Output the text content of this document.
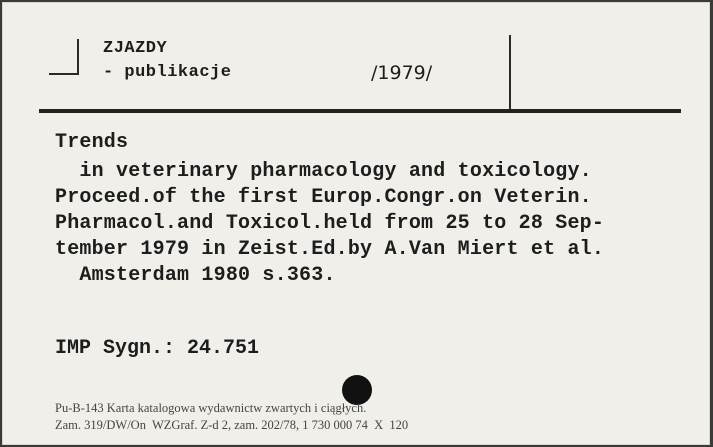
ZJAZDY
- publikacje	/1979/
Trends
in veterinary pharmacology and toxicology.
Proceed.of the first Europ.Congr.on Veterin.
Pharmacol.and Toxicol.held from 25 to 28 Sep-
tember 1979 in Zeist.Ed.by A.Van Miert et al.
Amsterdam 1980 s.363.
IMP Sygn.: 24.751
Pu-B-143 Karta katalogowa wydawnictw zwartych i ciągłych.
Zam. 319/DW/On  WZGraf. Z-d 2, zam. 202/78, 1 730 000 74  X  120
